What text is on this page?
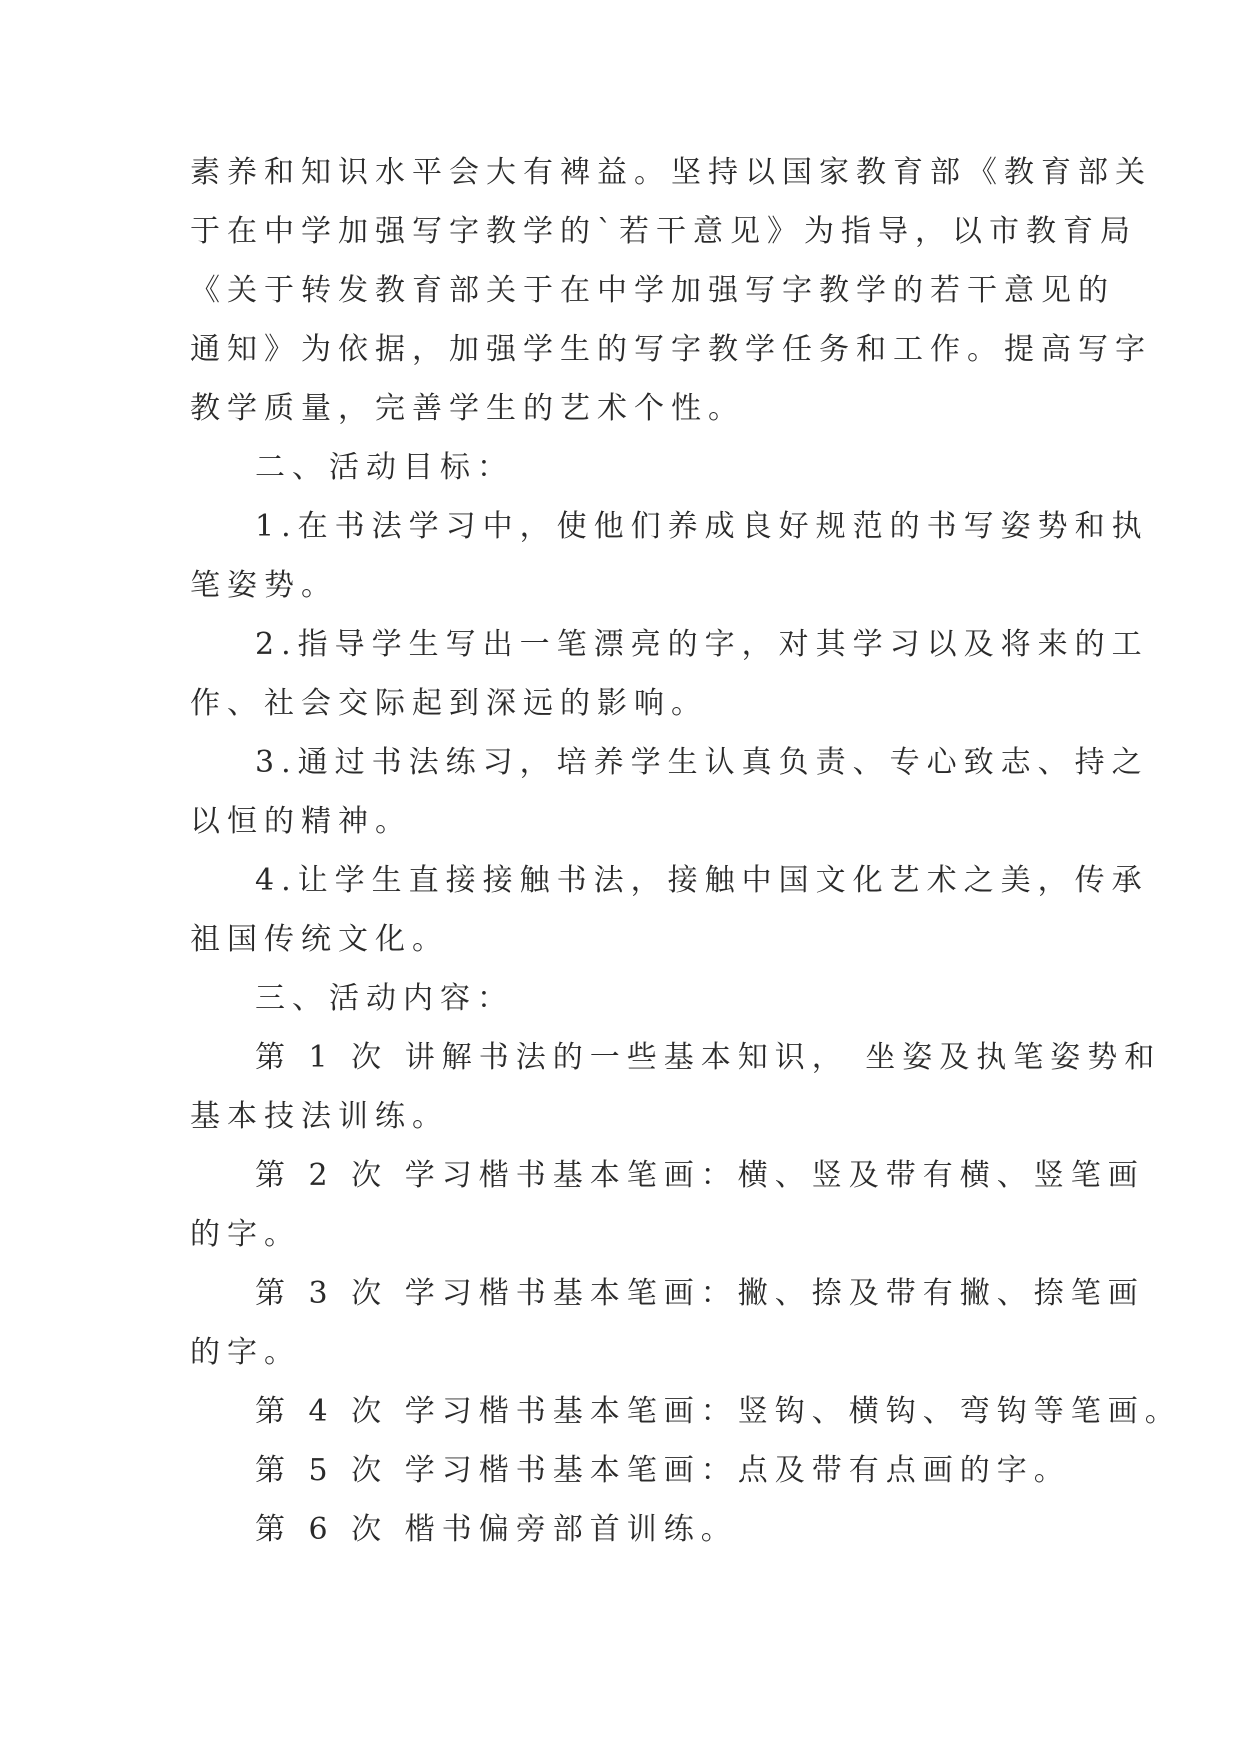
素养和知识水平会大有裨益。坚持以国家教育部《教育部关
于在中学加强写字教学的`若干意见》为指导，以市教育局
《关于转发教育部关于在中学加强写字教学的若干意见的
通知》为依据，加强学生的写字教学任务和工作。提高写字
教学质量，完善学生的艺术个性。
二、活动目标：
1.在书法学习中，使他们养成良好规范的书写姿势和执
笔姿势。
2.指导学生写出一笔漂亮的字，对其学习以及将来的工
作、社会交际起到深远的影响。
3.通过书法练习，培养学生认真负责、专心致志、持之
以恒的精神。
4.让学生直接接触书法，接触中国文化艺术之美，传承
祖国传统文化。
三、活动内容：
第 1 次 讲解书法的一些基本知识， 坐姿及执笔姿势和
基本技法训练。
第 2 次 学习楷书基本笔画：横、竖及带有横、竖笔画
的字。
第 3 次 学习楷书基本笔画：撇、捺及带有撇、捺笔画
的字。
第 4 次 学习楷书基本笔画：竖钩、横钩、弯钩等笔画。
第 5 次 学习楷书基本笔画：点及带有点画的字。
第 6 次 楷书偏旁部首训练。
